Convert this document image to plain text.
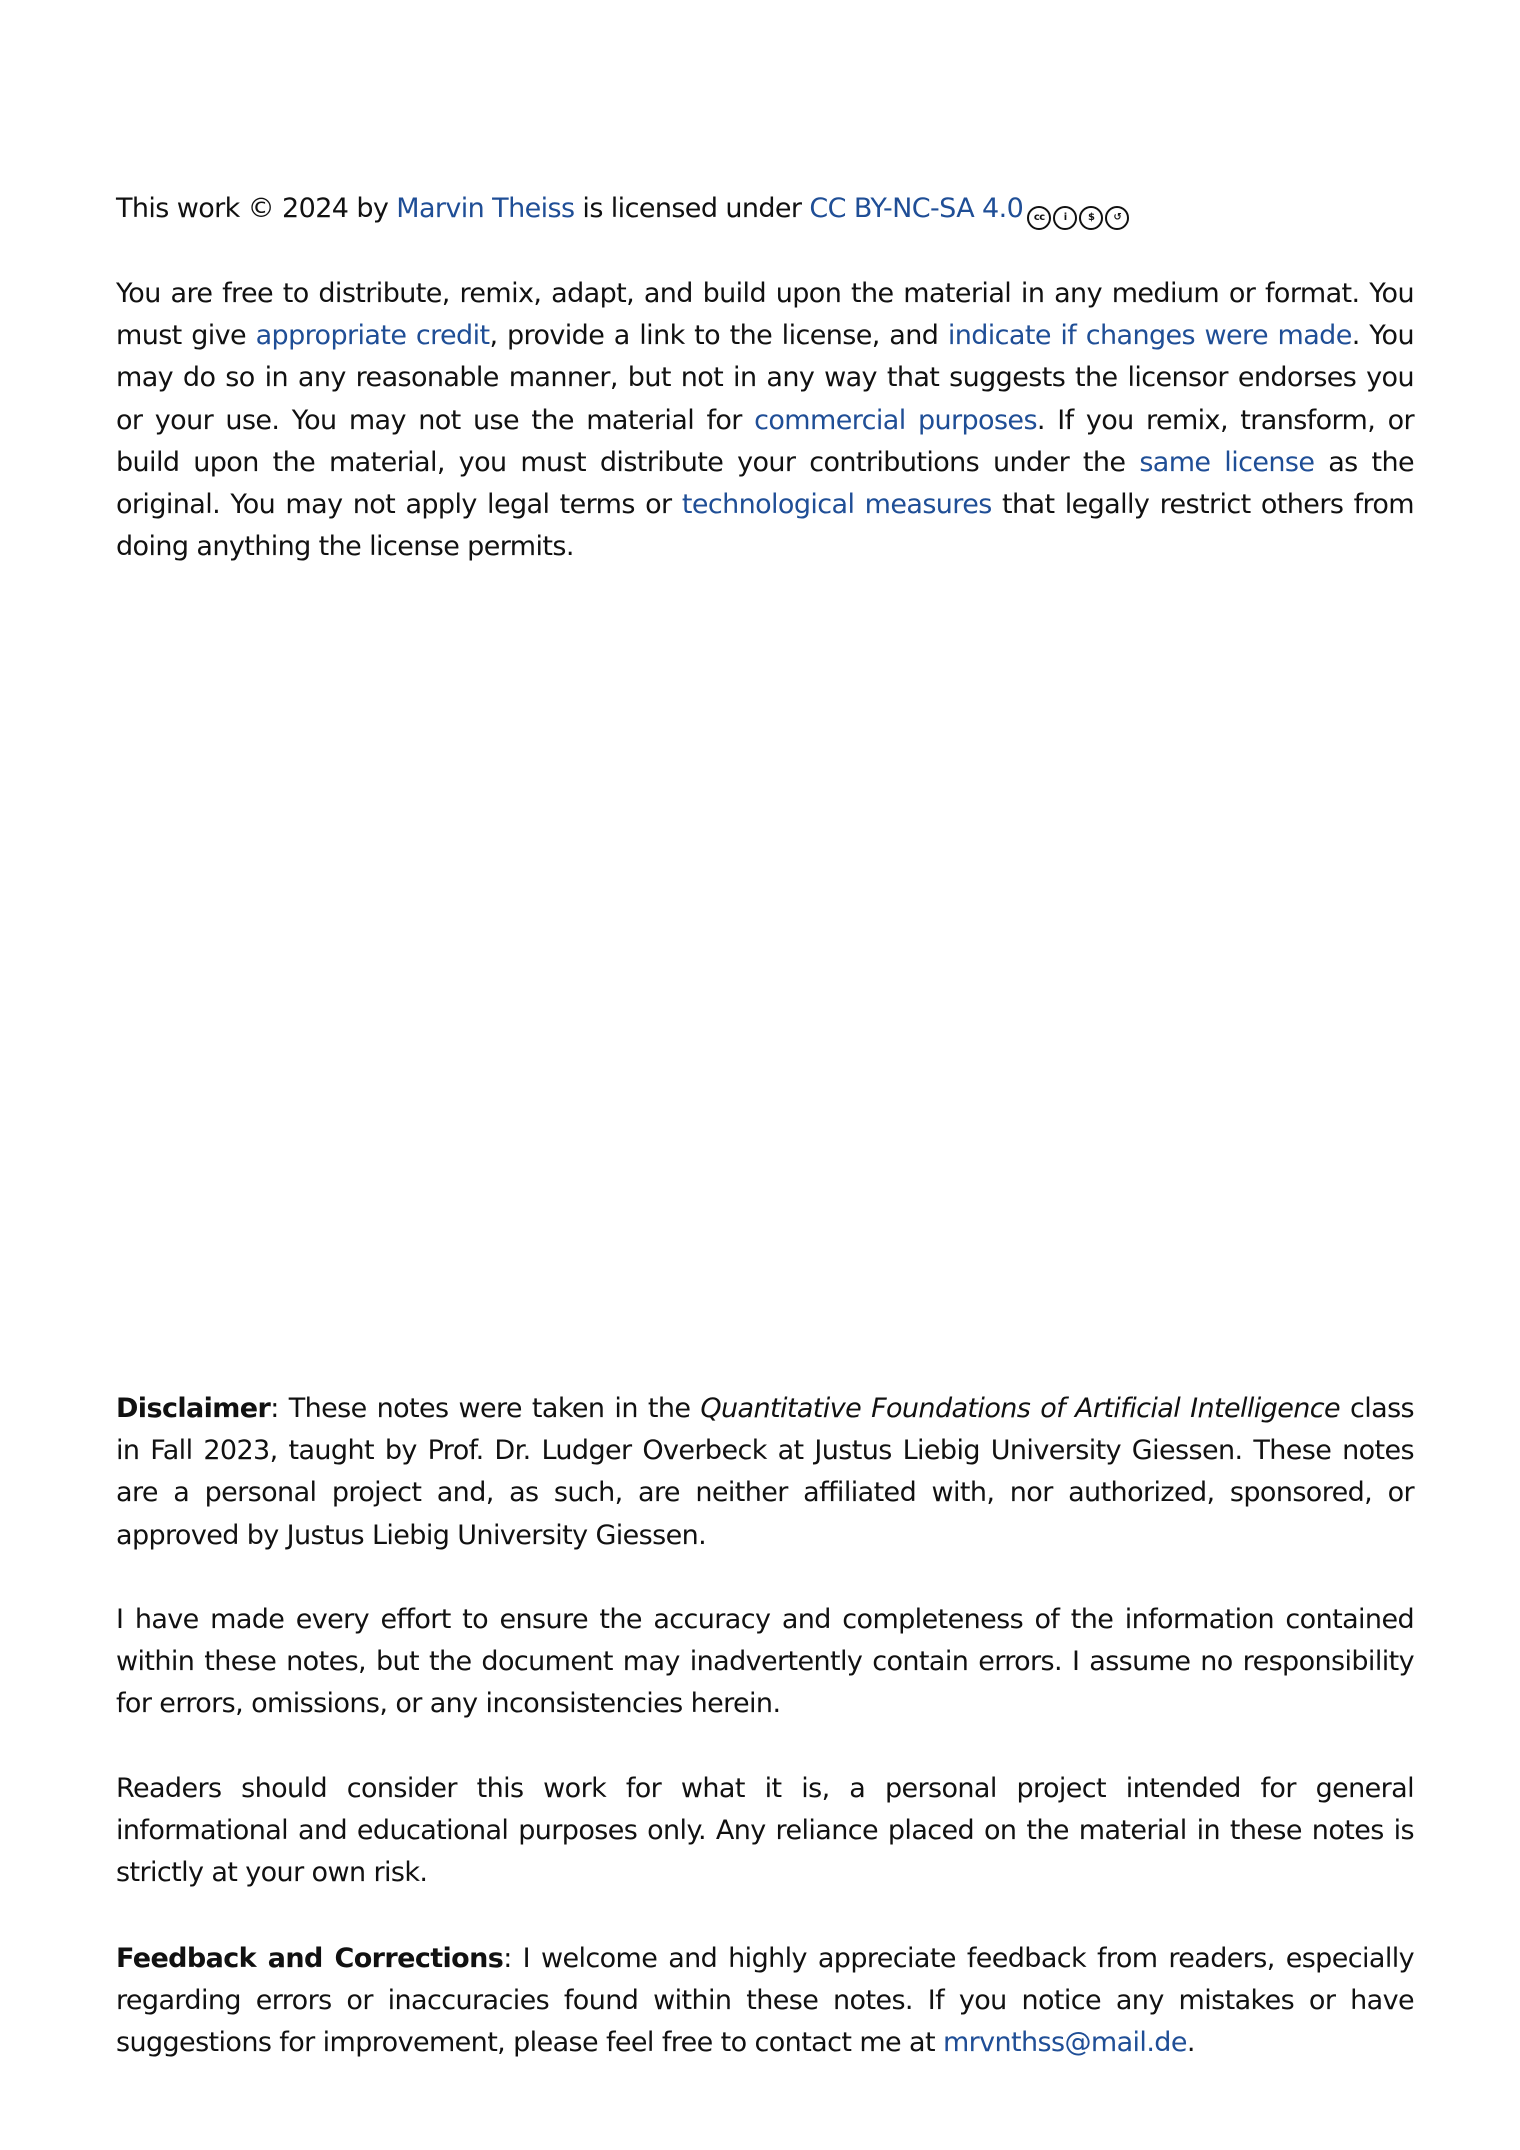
This work © 2024 by Marvin Theiss is licensed under CC BY-NC-SA 4.0	cc	i	$	↺

You are free to distribute, remix, adapt, and build upon the material in any medium or format. You must give appropriate credit, provide a link to the license, and indicate if changes were made. You may do so in any reasonable manner, but not in any way that suggests the licensor endorses you or your use. You may not use the material for commercial purposes. If you remix, transform, or build upon the material, you must distribute your contributions under the same license as the original. You may not apply legal terms or technological measures that legally restrict others from doing anything the license permits.

Disclaimer: These notes were taken in the Quantitative Foundations of Artificial Intelligence class in Fall 2023, taught by Prof. Dr. Ludger Overbeck at Justus Liebig University Giessen. These notes are a personal project and, as such, are neither affiliated with, nor authorized, sponsored, or approved by Justus Liebig University Giessen.

I have made every effort to ensure the accuracy and completeness of the information contained within these notes, but the document may inadvertently contain errors. I assume no responsibility for errors, omissions, or any inconsistencies herein.

Readers should consider this work for what it is, a personal project intended for general informational and educational purposes only. Any reliance placed on the material in these notes is strictly at your own risk.

Feedback and Corrections: I welcome and highly appreciate feedback from readers, especially regarding errors or inaccuracies found within these notes. If you notice any mistakes or have suggestions for improvement, please feel free to contact me at mrvnthss@mail.de.
